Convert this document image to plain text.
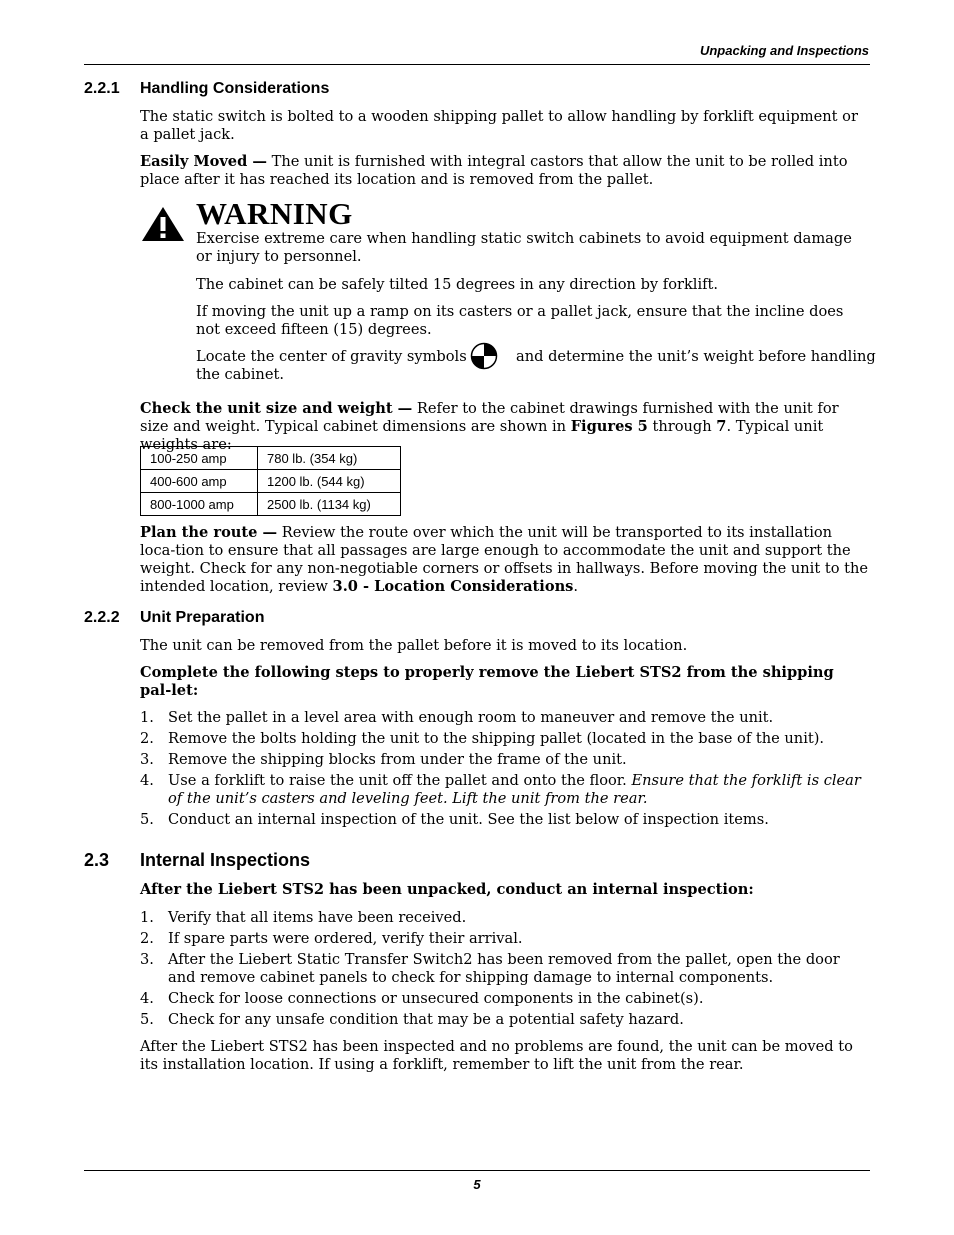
Unpacking and Inspections
2.2.1 Handling Considerations
The static switch is bolted to a wooden shipping pallet to allow handling by forklift equipment or a pallet jack.
Easily Moved — The unit is furnished with integral castors that allow the unit to be rolled into place after it has reached its location and is removed from the pallet.
WARNING
Exercise extreme care when handling static switch cabinets to avoid equipment damage or injury to personnel.
The cabinet can be safely tilted 15 degrees in any direction by forklift.
If moving the unit up a ramp on its casters or a pallet jack, ensure that the incline does not exceed fifteen (15) degrees.
Locate the center of gravity symbols	and determine the unit’s weight before handling
the cabinet.
Check the unit size and weight — Refer to the cabinet drawings furnished with the unit for size and weight. Typical cabinet dimensions are shown in Figures 5 through 7. Typical unit weights are:
100-250 amp	780 lb. (354 kg)
400-600 amp	1200 lb. (544 kg)
800-1000 amp	2500 lb. (1134 kg)
Plan the route — Review the route over which the unit will be transported to its installation loca-tion to ensure that all passages are large enough to accommodate the unit and support the weight. Check for any non-negotiable corners or offsets in hallways. Before moving the unit to the intended location, review 3.0 - Location Considerations.
2.2.2 Unit Preparation
The unit can be removed from the pallet before it is moved to its location.
Complete the following steps to properly remove the Liebert STS2 from the shipping pal-let:
1. Set the pallet in a level area with enough room to maneuver and remove the unit.
2. Remove the bolts holding the unit to the shipping pallet (located in the base of the unit).
3. Remove the shipping blocks from under the frame of the unit.
4. Use a forklift to raise the unit off the pallet and onto the floor. Ensure that the forklift is clear of the unit’s casters and leveling feet. Lift the unit from the rear.
5. Conduct an internal inspection of the unit. See the list below of inspection items.
2.3 Internal Inspections
After the Liebert STS2 has been unpacked, conduct an internal inspection:
1. Verify that all items have been received.
2. If spare parts were ordered, verify their arrival.
3. After the Liebert Static Transfer Switch2 has been removed from the pallet, open the door and remove cabinet panels to check for shipping damage to internal components.
4. Check for loose connections or unsecured components in the cabinet(s).
5. Check for any unsafe condition that may be a potential safety hazard.
After the Liebert STS2 has been inspected and no problems are found, the unit can be moved to its installation location. If using a forklift, remember to lift the unit from the rear.
5
